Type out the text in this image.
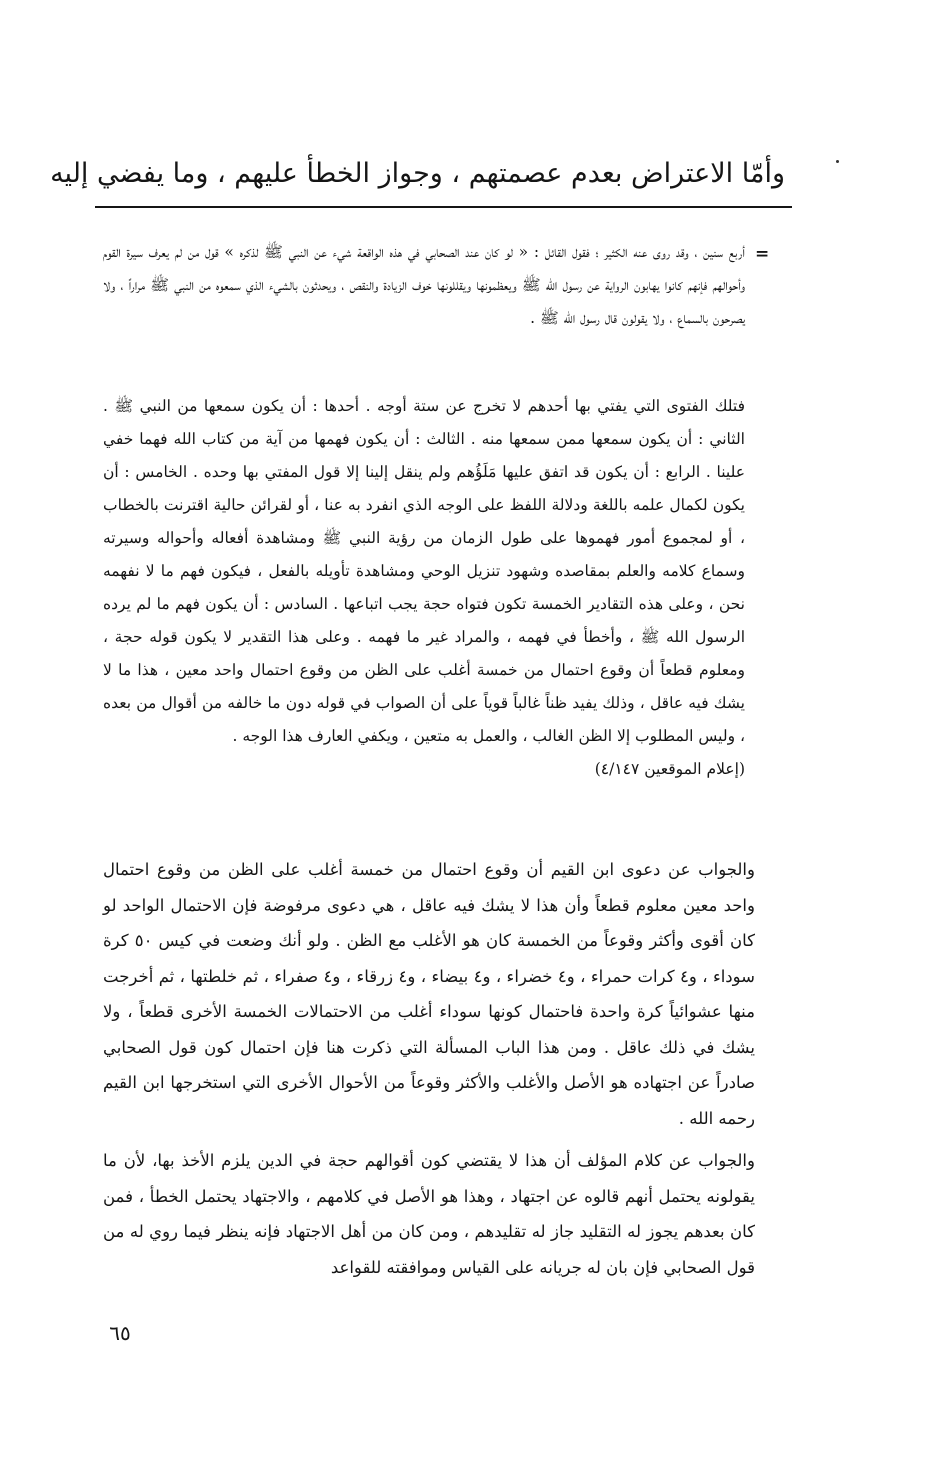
وأمّا الاعتراض بعدم عصمتهم ، وجواز الخطأ عليهم ، وما يفضي إليه
=

أربع سنين ، وقد روى عنه الكثير ؛ فقول القائل : « لو كان عند الصحابي في هذه الواقعة شيء عن النبي ﷺ لذكره » قول من لم يعرف سيرة القوم وأحوالهم فإنهم كانوا يهابون الرواية عن رسول الله ﷺ ويعظمونها ويقللونها خوف الزيادة والنقص ، ويحدثون بالشيء الذي سمعوه من النبي ﷺ مراراً ، ولا يصرحون بالسماع ، ولا يقولون قال رسول الله ﷺ .

فتلك الفتوى التي يفتي بها أحدهم لا تخرج عن ستة أوجه . أحدها : أن يكون سمعها من النبي ﷺ . الثاني : أن يكون سمعها ممن سمعها منه . الثالث : أن يكون فهمها من آية من كتاب الله فهما خفي علينا . الرابع : أن يكون قد اتفق عليها مَلَؤُهم ولم ينقل إلينا إلا قول المفتي بها وحده . الخامس : أن يكون لكمال علمه باللغة ودلالة اللفظ على الوجه الذي انفرد به عنا ، أو لقرائن حالية اقترنت بالخطاب ، أو لمجموع أمور فهموها على طول الزمان من رؤية النبي ﷺ ومشاهدة أفعاله وأحواله وسيرته وسماع كلامه والعلم بمقاصده وشهود تنزيل الوحي ومشاهدة تأويله بالفعل ، فيكون فهم ما لا نفهمه نحن ، وعلى هذه التقادير الخمسة تكون فتواه حجة يجب اتباعها . السادس : أن يكون فهم ما لم يرده الرسول الله ﷺ ، وأخطأ في فهمه ، والمراد غير ما فهمه . وعلى هذا التقدير لا يكون قوله حجة ، ومعلوم قطعاً أن وقوع احتمال من خمسة أغلب على الظن من وقوع احتمال واحد معين ، هذا ما لا يشك فيه عاقل ، وذلك يفيد ظناً غالباً قوياً على أن الصواب في قوله دون ما خالفه من أقوال من بعده ، وليس المطلوب إلا الظن الغالب ، والعمل به متعين ، ويكفي العارف هذا الوجه .
(إعلام الموقعين ٤/١٤٧)

والجواب عن دعوى ابن القيم أن وقوع احتمال من خمسة أغلب على الظن من وقوع احتمال واحد معين معلوم قطعاً وأن هذا لا يشك فيه عاقل ، هي دعوى مرفوضة فإن الاحتمال الواحد لو كان أقوى وأكثر وقوعاً من الخمسة كان هو الأغلب مع الظن . ولو أنك وضعت في كيس ٥٠ كرة سوداء ، و٤ كرات حمراء ، و٤ خضراء ، و٤ بيضاء ، و٤ زرقاء ، و٤ صفراء ، ثم خلطتها ، ثم أخرجت منها عشوائياً كرة واحدة فاحتمال كونها سوداء أغلب من الاحتمالات الخمسة الأخرى قطعاً ، ولا يشك في ذلك عاقل . ومن هذا الباب المسألة التي ذكرت هنا فإن احتمال كون قول الصحابي صادراً عن اجتهاده هو الأصل والأغلب والأكثر وقوعاً من الأحوال الأخرى التي استخرجها ابن القيم رحمه الله .

والجواب عن كلام المؤلف أن هذا لا يقتضي كون أقوالهم حجة في الدين يلزم الأخذ بها، لأن ما يقولونه يحتمل أنهم قالوه عن اجتهاد ، وهذا هو الأصل في كلامهم ، والاجتهاد يحتمل الخطأ ، فمن كان بعدهم يجوز له التقليد جاز له تقليدهم ، ومن كان من أهل الاجتهاد فإنه ينظر فيما روي له من قول الصحابي فإن بان له جريانه على القياس وموافقته للقواعد

٦٥
